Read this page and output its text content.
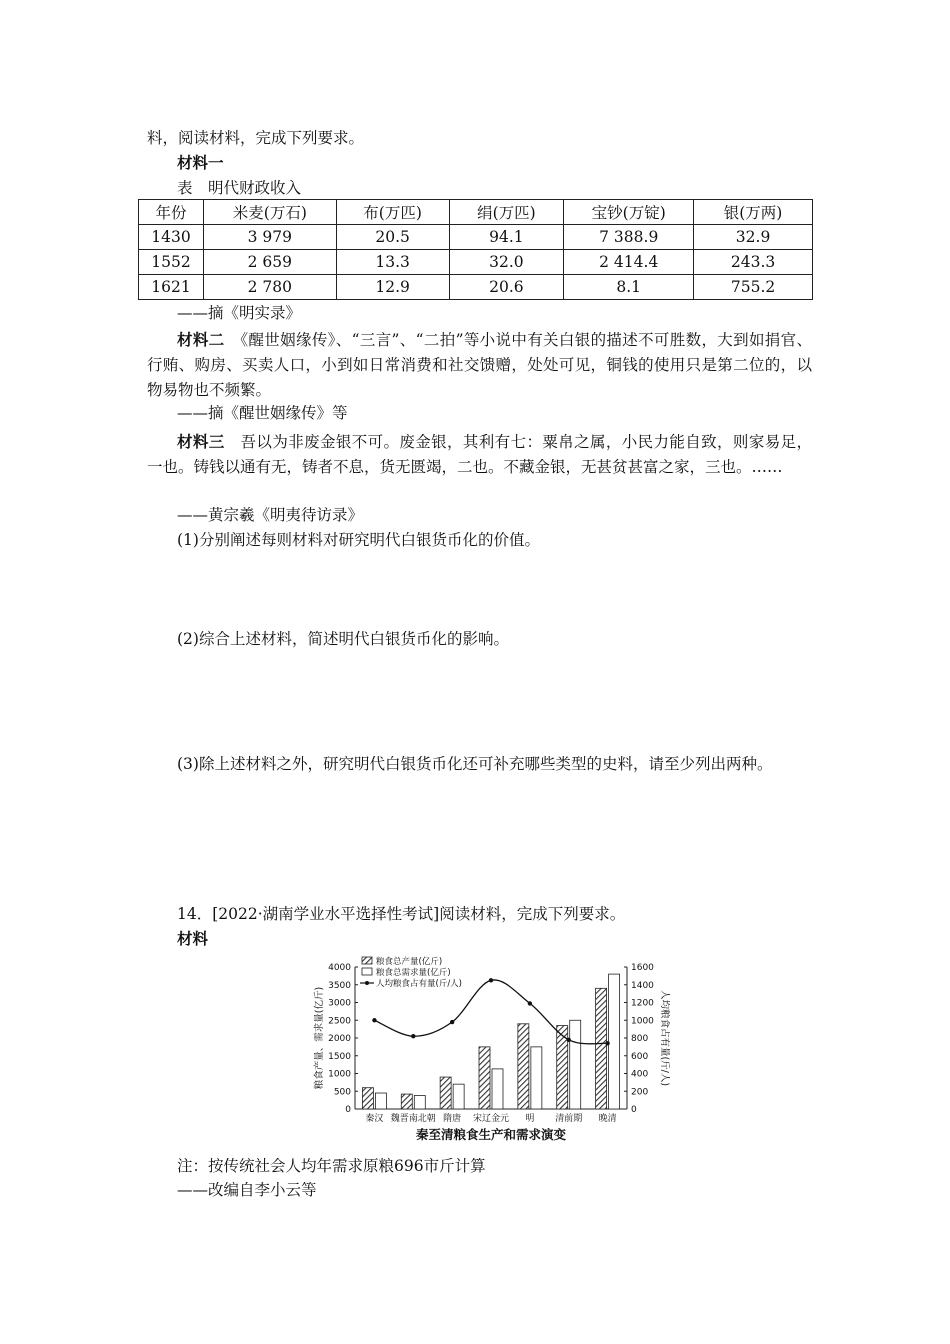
料，阅读材料，完成下列要求。
材料一
表　明代财政收入
年份	米麦(万石)	布(万匹)	绢(万匹)	宝钞(万锭)	银(万两)
1430	3 979	20.5	94.1	7 388.9	32.9
1552	2 659	13.3	32.0	2 414.4	243.3
1621	2 780	12.9	20.6	8.1	755.2
——摘《明实录》
材料二　 《醒世姻缘传》、“三言”、“二拍”等小说中有关白银的描述不可胜数，大到如捐官、行贿、购房、买卖人口，小到如日常消费和社交馈赠，处处可见，铜钱的使用只是第二位的，以物易物也不频繁。
——摘《醒世姻缘传》等
材料三　 吾以为非废金银不可。废金银，其利有七：粟帛之属，小民力能自致，则家易足，一也。铸钱以通有无，铸者不息，货无匮竭，二也。不藏金银，无甚贫甚富之家，三也。……
——黄宗羲《明夷待访录》
(1)分别阐述每则材料对研究明代白银货币化的价值。
(2)综合上述材料，简述明代白银货币化的影响。
(3)除上述材料之外，研究明代白银货币化还可补充哪些类型的史料，请至少列出两种。
14．[2022·湖南学业水平选择性考试]阅读材料，完成下列要求。
材料
0
500
1000
1500
2000
2500
3000
3500
4000
0
200
400
600
800
1000
1200
1400
1600
粮食产量、需求量(亿斤)	人均粮食占有量(斤/人)
秦汉 魏晋南北朝 隋唐 宋辽金元 明 清前期 晚清
秦至清粮食生产和需求演变
粮食总产量(亿斤)
粮食总需求量(亿斤)
人均粮食占有量(斤/人)
注：按传统社会人均年需求原粮696市斤计算
——改编自李小云等
